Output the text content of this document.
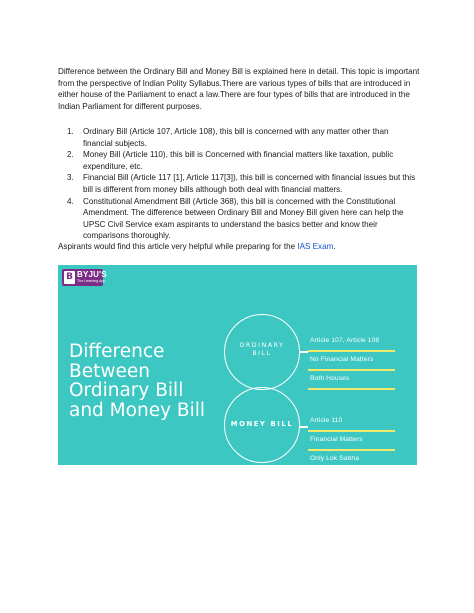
Difference between the Ordinary Bill and Money Bill is explained here in detail. This topic is important from the perspective of Indian Polity Syllabus.There are various types of bills that are introduced in either house of the Parliament to enact a law.There are four types of bills that are introduced in the Indian Parliament for different purposes.

1. Ordinary Bill (Article 107, Article 108), this bill is concerned with any matter other than financial subjects.
2. Money Bill (Article 110), this bill is Concerned with financial matters like taxation, public expenditure, etc.
3. Financial Bill (Article 117 [1], Article 117[3]), this bill is concerned with financial issues but this bill is different from money bills although both deal with financial matters.
4. Constitutional Amendment Bill (Article 368), this bill is concerned with the Constitutional Amendment. The difference between Ordinary Bill and Money Bill given here can help the UPSC Civil Service exam aspirants to understand the basics better and know their comparisons thoroughly.

Aspirants would find this article very helpful while preparing for the IAS Exam.

B BYJU'S
The Learning App
Difference
Between
Ordinary Bill
and Money Bill
ORDINARY
BILL
Article 107, Article 108
No Financial Matters
Both Houses
MONEY BILL	Article 110
Financial Matters
Only Lok Sabha
